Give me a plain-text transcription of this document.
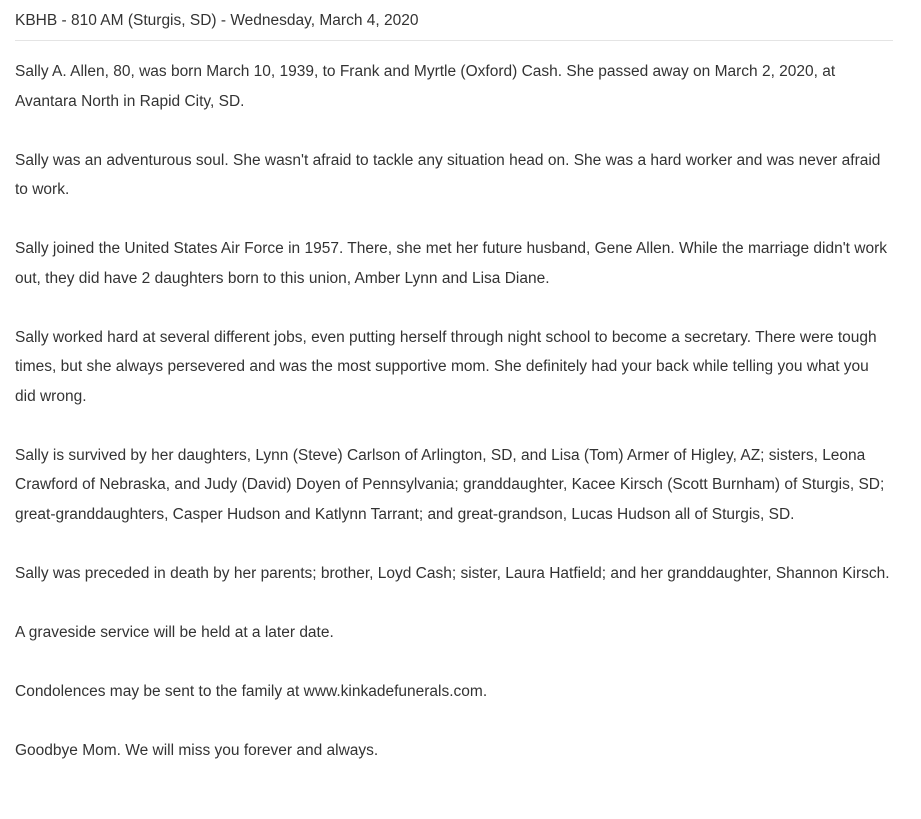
KBHB - 810 AM (Sturgis, SD) - Wednesday, March 4, 2020

Sally A. Allen, 80, was born March 10, 1939, to Frank and Myrtle (Oxford) Cash. She passed away on March 2, 2020, at Avantara North in Rapid City, SD.

Sally was an adventurous soul. She wasn't afraid to tackle any situation head on. She was a hard worker and was never afraid to work.

Sally joined the United States Air Force in 1957. There, she met her future husband, Gene Allen. While the marriage didn't work out, they did have 2 daughters born to this union, Amber Lynn and Lisa Diane.

Sally worked hard at several different jobs, even putting herself through night school to become a secretary. There were tough times, but she always persevered and was the most supportive mom. She definitely had your back while telling you what you did wrong.

Sally is survived by her daughters, Lynn (Steve) Carlson of Arlington, SD, and Lisa (Tom) Armer of Higley, AZ; sisters, Leona Crawford of Nebraska, and Judy (David) Doyen of Pennsylvania; granddaughter, Kacee Kirsch (Scott Burnham) of Sturgis, SD; great-granddaughters, Casper Hudson and Katlynn Tarrant; and great-grandson, Lucas Hudson all of Sturgis, SD.

Sally was preceded in death by her parents; brother, Loyd Cash; sister, Laura Hatfield; and her granddaughter, Shannon Kirsch.

A graveside service will be held at a later date.

Condolences may be sent to the family at www.kinkadefunerals.com.

Goodbye Mom. We will miss you forever and always.
